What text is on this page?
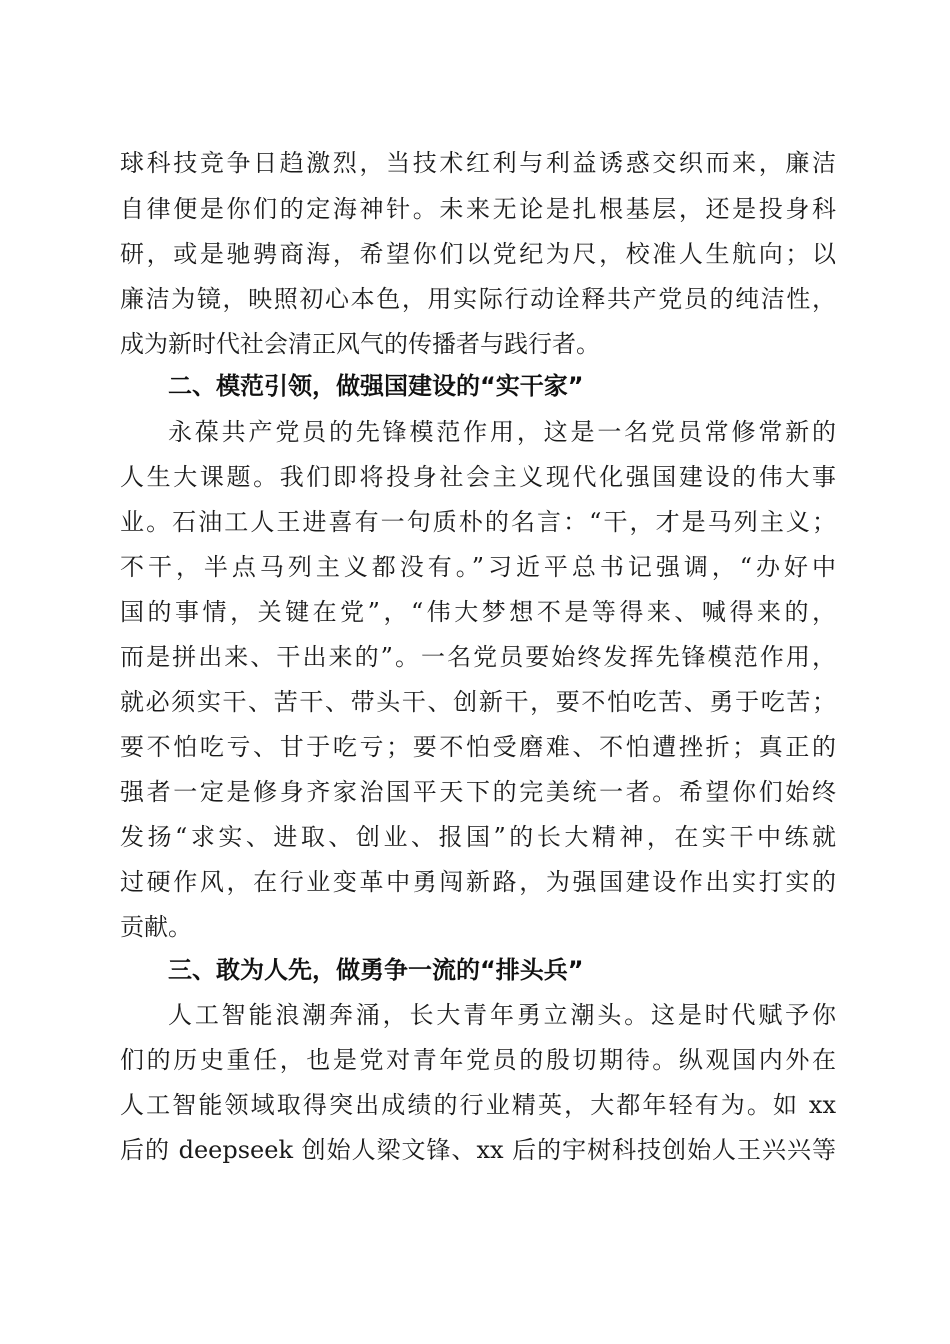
球科技竞争日趋激烈，当技术红利与利益诱惑交织而来，廉洁
自律便是你们的定海神针。未来无论是扎根基层，还是投身科
研，或是驰骋商海，希望你们以党纪为尺，校准人生航向；以
廉洁为镜，映照初心本色，用实际行动诠释共产党员的纯洁性，
成为新时代社会清正风气的传播者与践行者。
二、模范引领，做强国建设的“实干家”
永葆共产党员的先锋模范作用，这是一名党员常修常新的
人生大课题。我们即将投身社会主义现代化强国建设的伟大事
业。石油工人王进喜有一句质朴的名言：“干，才是马列主义；
不干，半点马列主义都没有。”习近平总书记强调，“办好中
国的事情，关键在党”，“伟大梦想不是等得来、喊得来的，
而是拼出来、干出来的”。一名党员要始终发挥先锋模范作用，
就必须实干、苦干、带头干、创新干，要不怕吃苦、勇于吃苦；
要不怕吃亏、甘于吃亏；要不怕受磨难、不怕遭挫折；真正的
强者一定是修身齐家治国平天下的完美统一者。希望你们始终
发扬“求实、进取、创业、报国”的长大精神，在实干中练就
过硬作风，在行业变革中勇闯新路，为强国建设作出实打实的
贡献。
三、敢为人先，做勇争一流的“排头兵”
人工智能浪潮奔涌，长大青年勇立潮头。这是时代赋予你
们的历史重任，也是党对青年党员的殷切期待。纵观国内外在
人工智能领域取得突出成绩的行业精英，大都年轻有为。如 xx
后的 deepseek 创始人梁文锋、xx 后的宇树科技创始人王兴兴等
